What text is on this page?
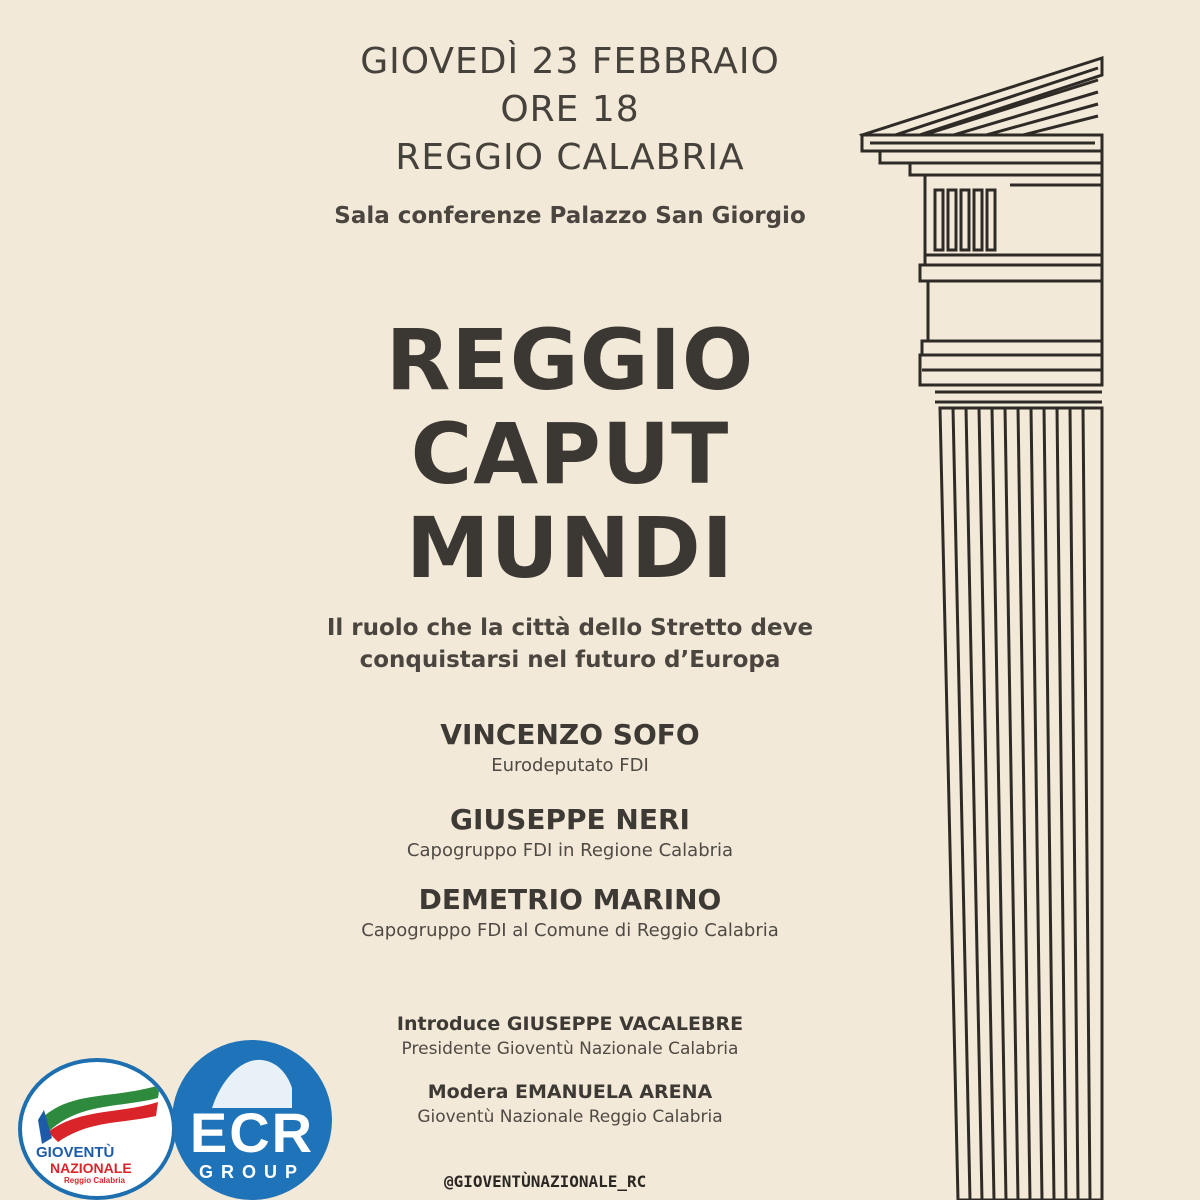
GIOVEDÌ 23 FEBBRAIO
ORE 18
REGGIO CALABRIA
Sala conferenze Palazzo San Giorgio
REGGIO
CAPUT
MUNDI
Il ruolo che la città dello Stretto deve
conquistarsi nel futuro d’Europa
VINCENZO SOFO
Eurodeputato FDI
GIUSEPPE NERI
Capogruppo FDI in Regione Calabria
DEMETRIO MARINO
Capogruppo FDI al Comune di Reggio Calabria
Introduce GIUSEPPE VACALEBRE
Presidente Gioventù Nazionale Calabria
Modera EMANUELA ARENA
Gioventù Nazionale Reggio Calabria
@GIOVENTÙNAZIONALE_RC
GIOVENTÙ
NAZIONALE
Reggio Calabria
ECR
GROUP
